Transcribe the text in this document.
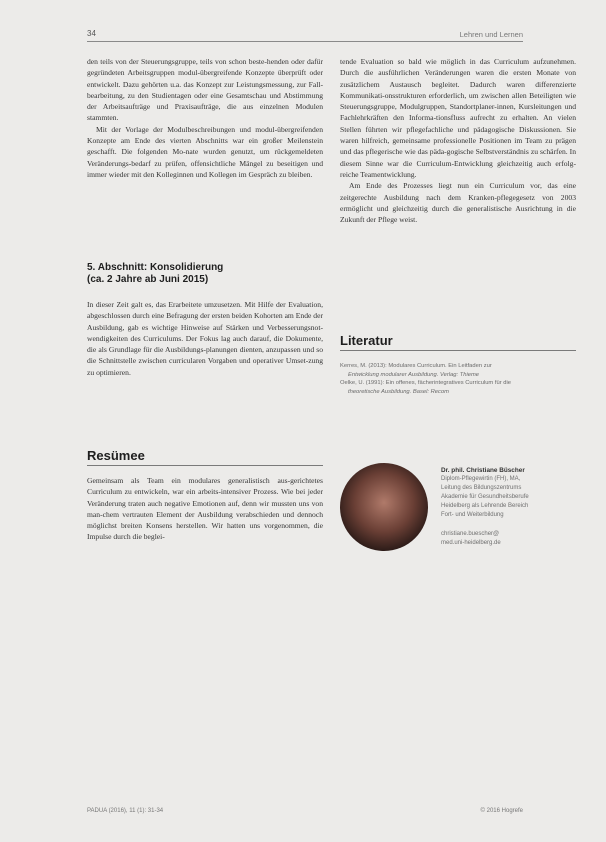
34	Lehren und Lernen

den teils von der Steuerungsgruppe, teils von schon beste-henden oder dafür gegründeten Arbeitsgruppen modul-übergreifende Konzepte überprüft oder entwickelt. Dazu gehörten u.a. das Konzept zur Leistungsmessung, zur Fall-bearbeitung, zu den Studientagen oder eine Gesamtschau und Abstimmung der Arbeitsaufträge und Praxisaufträge, die aus einzelnen Modulen stammten.

Mit der Vorlage der Modulbeschreibungen und modul-übergreifenden Konzepte am Ende des vierten Abschnitts war ein großer Meilenstein geschafft. Die folgenden Mo-nate wurden genutzt, um rückgemeldeten Veränderungs-bedarf zu prüfen, offensichtliche Mängel zu beseitigen und immer wieder mit den Kolleginnen und Kollegen im Gespräch zu bleiben.

5. Abschnitt: Konsolidierung
(ca. 2 Jahre ab Juni 2015)

In dieser Zeit galt es, das Erarbeitete umzusetzen. Mit Hilfe der Evaluation, abgeschlossen durch eine Befragung der ersten beiden Kohorten am Ende der Ausbildung, gab es wichtige Hinweise auf Stärken und Verbesserungsnot-wendigkeiten des Curriculums. Der Fokus lag auch darauf, die Dokumente, die als Grundlage für die Ausbildungs-planungen dienten, anzupassen und so die Schnittstelle zwischen curricularen Vorgaben und operativer Umset-zung zu optimieren.

Resümee

Gemeinsam als Team ein modulares generalistisch aus-gerichtetes Curriculum zu entwickeln, war ein arbeits-intensiver Prozess. Wie bei jeder Veränderung traten auch negative Emotionen auf, denn wir mussten uns von man-chem vertrauten Element der Ausbildung verabschieden und dennoch möglichst breiten Konsens herstellen. Wir hatten uns vorgenommen, die Impulse durch die beglei-

tende Evaluation so bald wie möglich in das Curriculum aufzunehmen. Durch die ausführlichen Veränderungen waren die ersten Monate von zusätzlichem Austausch begleitet. Dadurch waren differenzierte Kommunikati-onsstrukturen erforderlich, um zwischen allen Beteiligten wie Steuerungsgruppe, Modulgruppen, Standortplaner-innen, Kursleitungen und Fachlehrkräften den Informa-tionsfluss aufrecht zu erhalten. An vielen Stellen führten wir pflegefachliche und pädagogische Diskussionen. Sie waren hilfreich, gemeinsame professionelle Positionen im Team zu prägen und das pflegerische wie das päda-gogische Selbstverständnis zu schärfen. In diesem Sinne war die Curriculum-Entwicklung gleichzeitig auch erfolg-reiche Teamentwicklung.

Am Ende des Prozesses liegt nun ein Curriculum vor, das eine zeitgerechte Ausbildung nach dem Kranken-pflegegesetz von 2003 ermöglicht und gleichzeitig durch die generalistische Ausrichtung in die Zukunft der Pflege weist.

Literatur

Kerres, M. (2013): Modulares Curriculum. Ein Leitfaden zur
Entwicklung modularer Ausbildung. Verlag: Thieme

Oelke, U. (1991): Ein offenes, fächerintegratives Curriculum für die
theoretische Ausbildung. Basel: Recom

Dr. phil. Christiane Büscher
Diplom-Pflegewirtin (FH), MA,
Leitung des Bildungszentrums
Akademie für Gesundheitsberufe
Heidelberg als Lehrende Bereich
Fort- und Weiterbildung
christiane.buescher@
med.uni-heidelberg.de
PADUA (2016), 11 (1): 31-34	© 2016 Hogrefe
